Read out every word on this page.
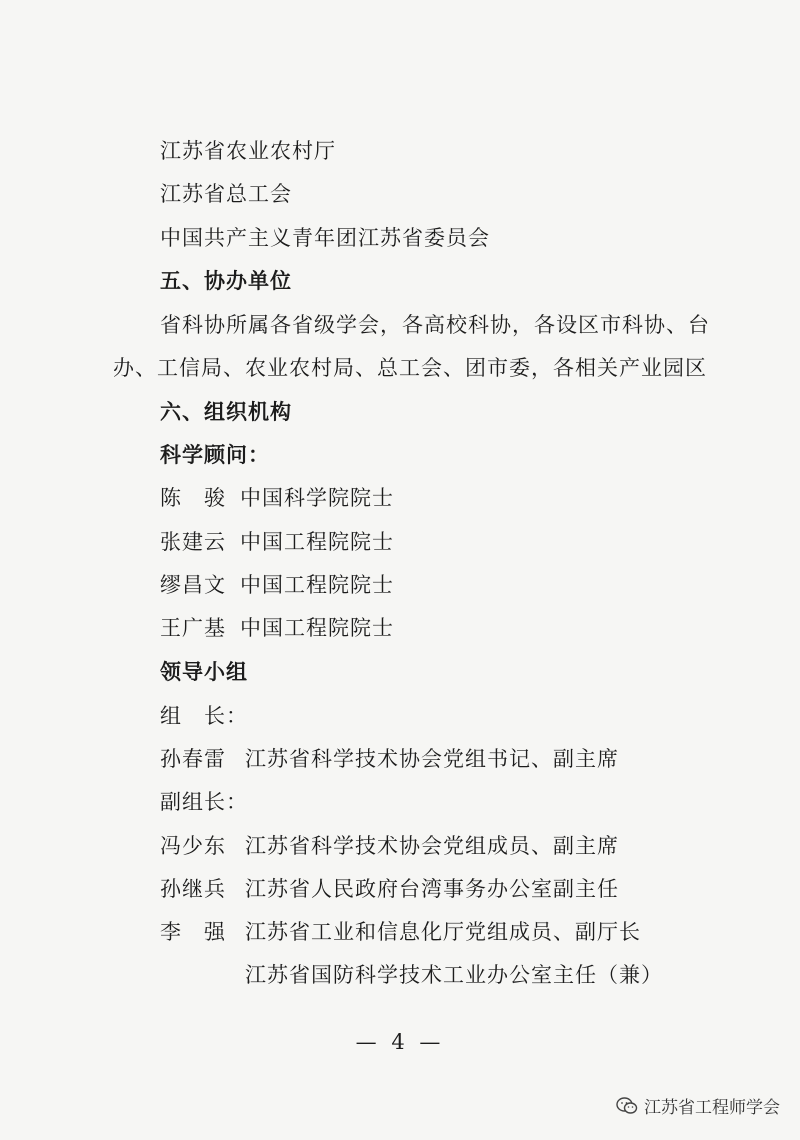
江苏省农业农村厅
江苏省总工会
中国共产主义青年团江苏省委员会
五、协办单位
省科协所属各省级学会，各高校科协，各设区市科协、台
办、工信局、农业农村局、总工会、团市委，各相关产业园区
六、组织机构
科学顾问：
陈　骏 中国科学院院士
张建云 中国工程院院士
缪昌文 中国工程院院士
王广基 中国工程院院士
领导小组
组　长：
孙春雷 江苏省科学技术协会党组书记、副主席
副组长：
冯少东 江苏省科学技术协会党组成员、副主席
孙继兵 江苏省人民政府台湾事务办公室副主任
李　强 江苏省工业和信息化厅党组成员、副厅长
江苏省国防科学技术工业办公室主任（兼）
— 4 —
江苏省工程师学会
